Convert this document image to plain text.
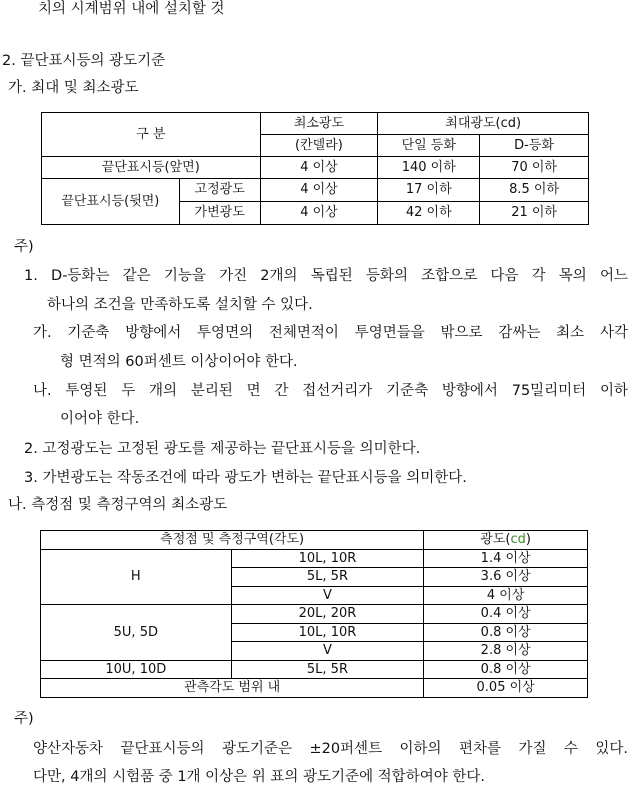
치의 시계범위 내에 설치할 것
2. 끝단표시등의 광도기준
가. 최대 및 최소광도
구 분		최소광도	최대광도(cd)	
		(칸델라)	단일 등화	D-등화
끝단표시등(앞면)		4 이상	140 이하	70 이하
끝단표시등(뒷면)	고정광도	4 이상	17 이하	8.5 이하
	가변광도	4 이상	42 이하	21 이하
주)
1. D-등화는 같은 기능을 가진 2개의 독립된 등화의 조합으로 다음 각 목의 어느
하나의 조건을 만족하도록 설치할 수 있다.
가. 기준축 방향에서 투영면의 전체면적이 투영면들을 밖으로 감싸는 최소 사각
형 면적의 60퍼센트 이상이어야 한다.
나. 투영된 두 개의 분리된 면 간 접선거리가 기준축 방향에서 75밀리미터 이하
이어야 한다.
2. 고정광도는 고정된 광도를 제공하는 끝단표시등을 의미한다.
3. 가변광도는 작동조건에 따라 광도가 변하는 끝단표시등을 의미한다.
나. 측정점 및 측정구역의 최소광도
측정점 및 측정구역(각도)		광도(cd)
H	10L, 10R	1.4 이상
	5L, 5R	3.6 이상
	V	4 이상
5U, 5D	20L, 20R	0.4 이상
	10L, 10R	0.8 이상
	V	2.8 이상
10U, 10D	5L, 5R	0.8 이상
관측각도 범위 내		0.05 이상
주)
양산자동차 끝단표시등의 광도기준은 ±20퍼센트 이하의 편차를 가질 수 있다.
다만, 4개의 시험품 중 1개 이상은 위 표의 광도기준에 적합하여야 한다.
